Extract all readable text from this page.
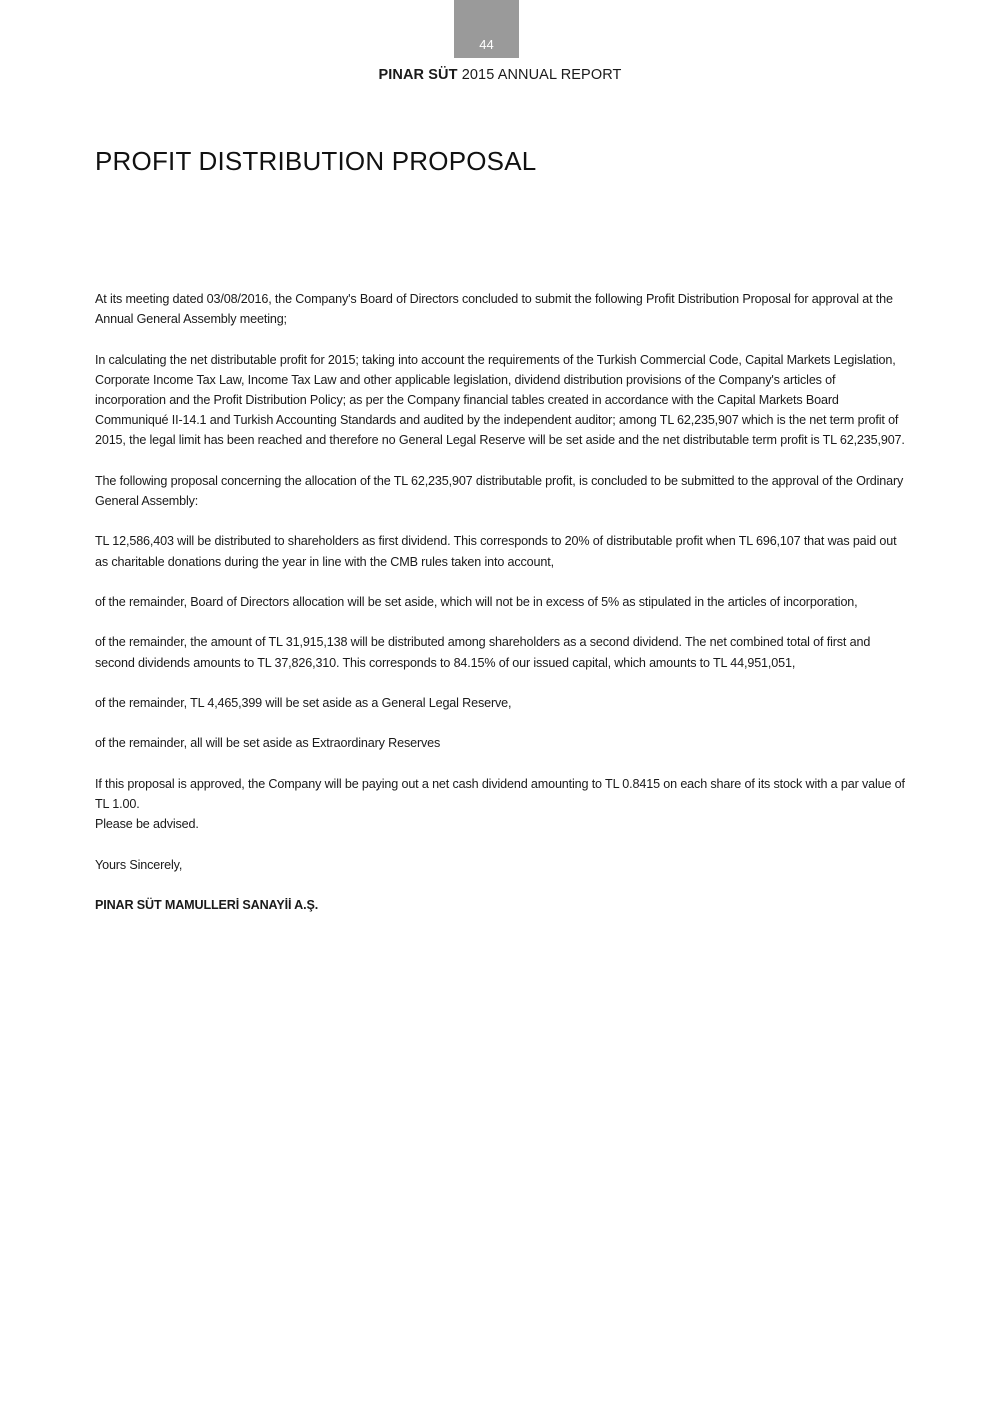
44
PINAR SÜT 2015 ANNUAL REPORT
PROFIT DISTRIBUTION PROPOSAL

At its meeting dated 03/08/2016, the Company's Board of Directors concluded to submit the following Profit Distribution Proposal for approval at the Annual General Assembly meeting;

In calculating the net distributable profit for 2015; taking into account the requirements of the Turkish Commercial Code, Capital Markets Legislation, Corporate Income Tax Law, Income Tax Law and other applicable legislation, dividend distribution provisions of the Company's articles of incorporation and the Profit Distribution Policy; as per the Company financial tables created in accordance with the Capital Markets Board Communiqué II-14.1 and Turkish Accounting Standards and audited by the independent auditor; among TL 62,235,907 which is the net term profit of 2015, the legal limit has been reached and therefore no General Legal Reserve will be set aside and the net distributable term profit is TL 62,235,907.

The following proposal concerning the allocation of the TL 62,235,907 distributable profit, is concluded to be submitted to the approval of the Ordinary General Assembly:

TL 12,586,403 will be distributed to shareholders as first dividend. This corresponds to 20% of distributable profit when TL 696,107 that was paid out as charitable donations during the year in line with the CMB rules taken into account,

of the remainder, Board of Directors allocation will be set aside, which will not be in excess of 5% as stipulated in the articles of incorporation,

of the remainder, the amount of TL 31,915,138 will be distributed among shareholders as a second dividend. The net combined total of first and second dividends amounts to TL 37,826,310. This corresponds to 84.15% of our issued capital, which amounts to TL 44,951,051,

of the remainder, TL 4,465,399 will be set aside as a General Legal Reserve,

of the remainder, all will be set aside as Extraordinary Reserves

If this proposal is approved, the Company will be paying out a net cash dividend amounting to TL 0.8415 on each share of its stock with a par value of TL 1.00.

Please be advised.

Yours Sincerely,

PINAR SÜT MAMULLERİ SANAYİİ A.Ş.
